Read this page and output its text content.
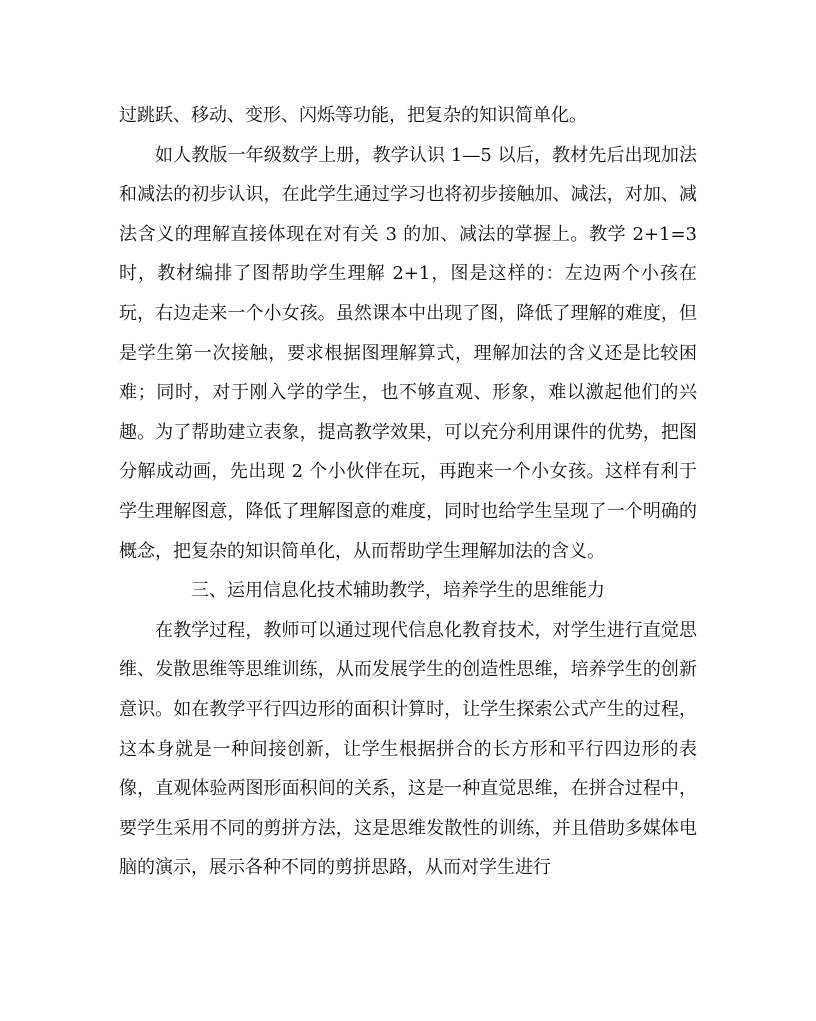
过跳跃、移动、变形、闪烁等功能，把复杂的知识简单化。

如人教版一年级数学上册，教学认识 1—5 以后，教材先后出现加法和减法的初步认识，在此学生通过学习也将初步接触加、减法，对加、减法含义的理解直接体现在对有关 3 的加、减法的掌握上。教学 2+1=3 时，教材编排了图帮助学生理解 2+1，图是这样的：左边两个小孩在玩，右边走来一个小女孩。虽然课本中出现了图，降低了理解的难度，但是学生第一次接触，要求根据图理解算式，理解加法的含义还是比较困难；同时，对于刚入学的学生，也不够直观、形象，难以激起他们的兴趣。为了帮助建立表象，提高教学效果，可以充分利用课件的优势，把图分解成动画，先出现 2 个小伙伴在玩，再跑来一个小女孩。这样有利于学生理解图意，降低了理解图意的难度，同时也给学生呈现了一个明确的概念，把复杂的知识简单化，从而帮助学生理解加法的含义。

三、运用信息化技术辅助教学，培养学生的思维能力

在教学过程，教师可以通过现代信息化教育技术，对学生进行直觉思维、发散思维等思维训练，从而发展学生的创造性思维，培养学生的创新意识。如在教学平行四边形的面积计算时，让学生探索公式产生的过程，这本身就是一种间接创新，让学生根据拼合的长方形和平行四边形的表像，直观体验两图形面积间的关系，这是一种直觉思维，在拼合过程中，要学生采用不同的剪拼方法，这是思维发散性的训练，并且借助多媒体电脑的演示，展示各种不同的剪拼思路，从而对学生进行
